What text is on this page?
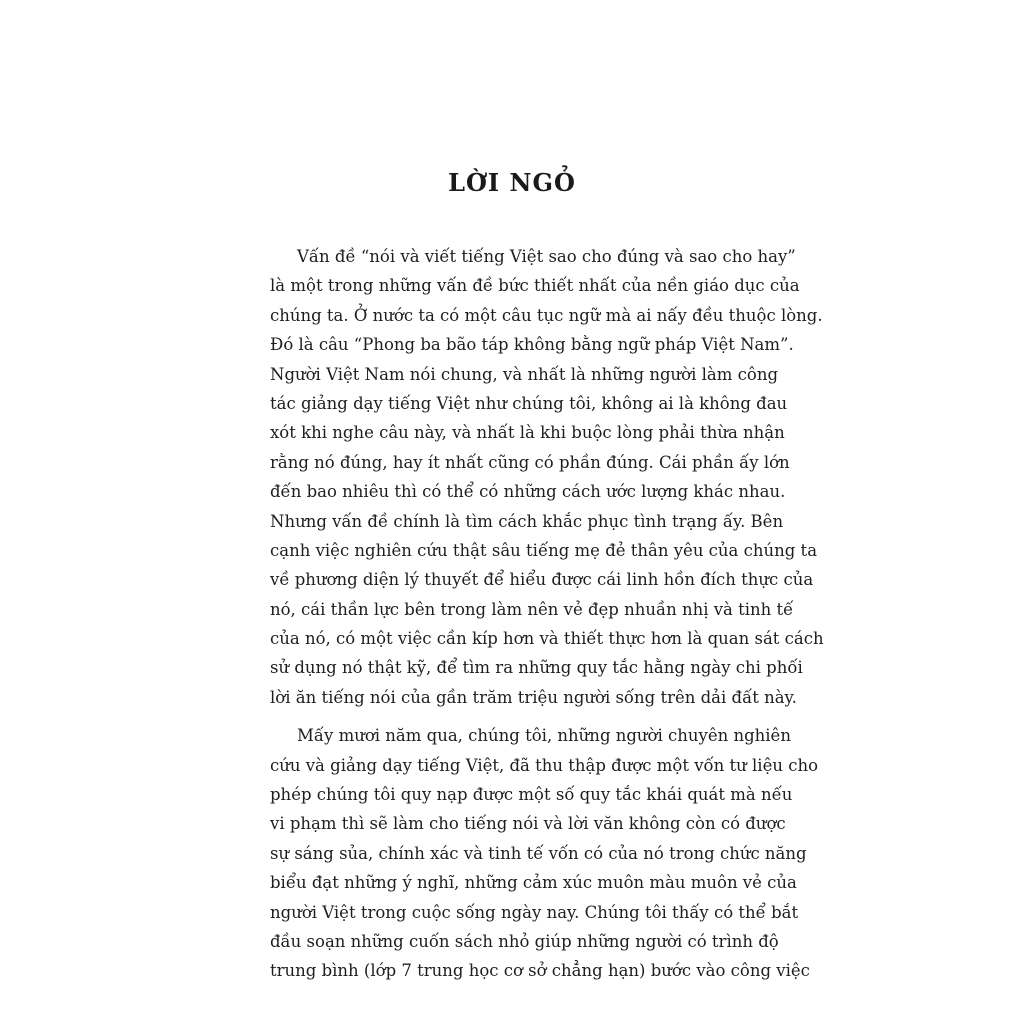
LỜI NGỎ
Vấn đề “nói và viết tiếng Việt sao cho đúng và sao cho hay”
là một trong những vấn đề bức thiết nhất của nền giáo dục của
chúng ta. Ở nước ta có một câu tục ngữ mà ai nấy đều thuộc lòng.
Đó là câu “Phong ba bão táp không bằng ngữ pháp Việt Nam”.
Người Việt Nam nói chung, và nhất là những người làm công
tác giảng dạy tiếng Việt như chúng tôi, không ai là không đau
xót khi nghe câu này, và nhất là khi buộc lòng phải thừa nhận
rằng nó đúng, hay ít nhất cũng có phần đúng. Cái phần ấy lớn
đến bao nhiêu thì có thể có những cách ước lượng khác nhau.
Nhưng vấn đề chính là tìm cách khắc phục tình trạng ấy. Bên
cạnh việc nghiên cứu thật sâu tiếng mẹ đẻ thân yêu của chúng ta
về phương diện lý thuyết để hiểu được cái linh hồn đích thực của
nó, cái thần lực bên trong làm nên vẻ đẹp nhuần nhị và tinh tế
của nó, có một việc cần kíp hơn và thiết thực hơn là quan sát cách
sử dụng nó thật kỹ, để tìm ra những quy tắc hằng ngày chi phối
lời ăn tiếng nói của gần trăm triệu người sống trên dải đất này.
Mấy mươi năm qua, chúng tôi, những người chuyên nghiên
cứu và giảng dạy tiếng Việt, đã thu thập được một vốn tư liệu cho
phép chúng tôi quy nạp được một số quy tắc khái quát mà nếu
vi phạm thì sẽ làm cho tiếng nói và lời văn không còn có được
sự sáng sủa, chính xác và tinh tế vốn có của nó trong chức năng
biểu đạt những ý nghĩ, những cảm xúc muôn màu muôn vẻ của
người Việt trong cuộc sống ngày nay. Chúng tôi thấy có thể bắt
đầu soạn những cuốn sách nhỏ giúp những người có trình độ
trung bình (lớp 7 trung học cơ sở chẳng hạn) bước vào công việc
